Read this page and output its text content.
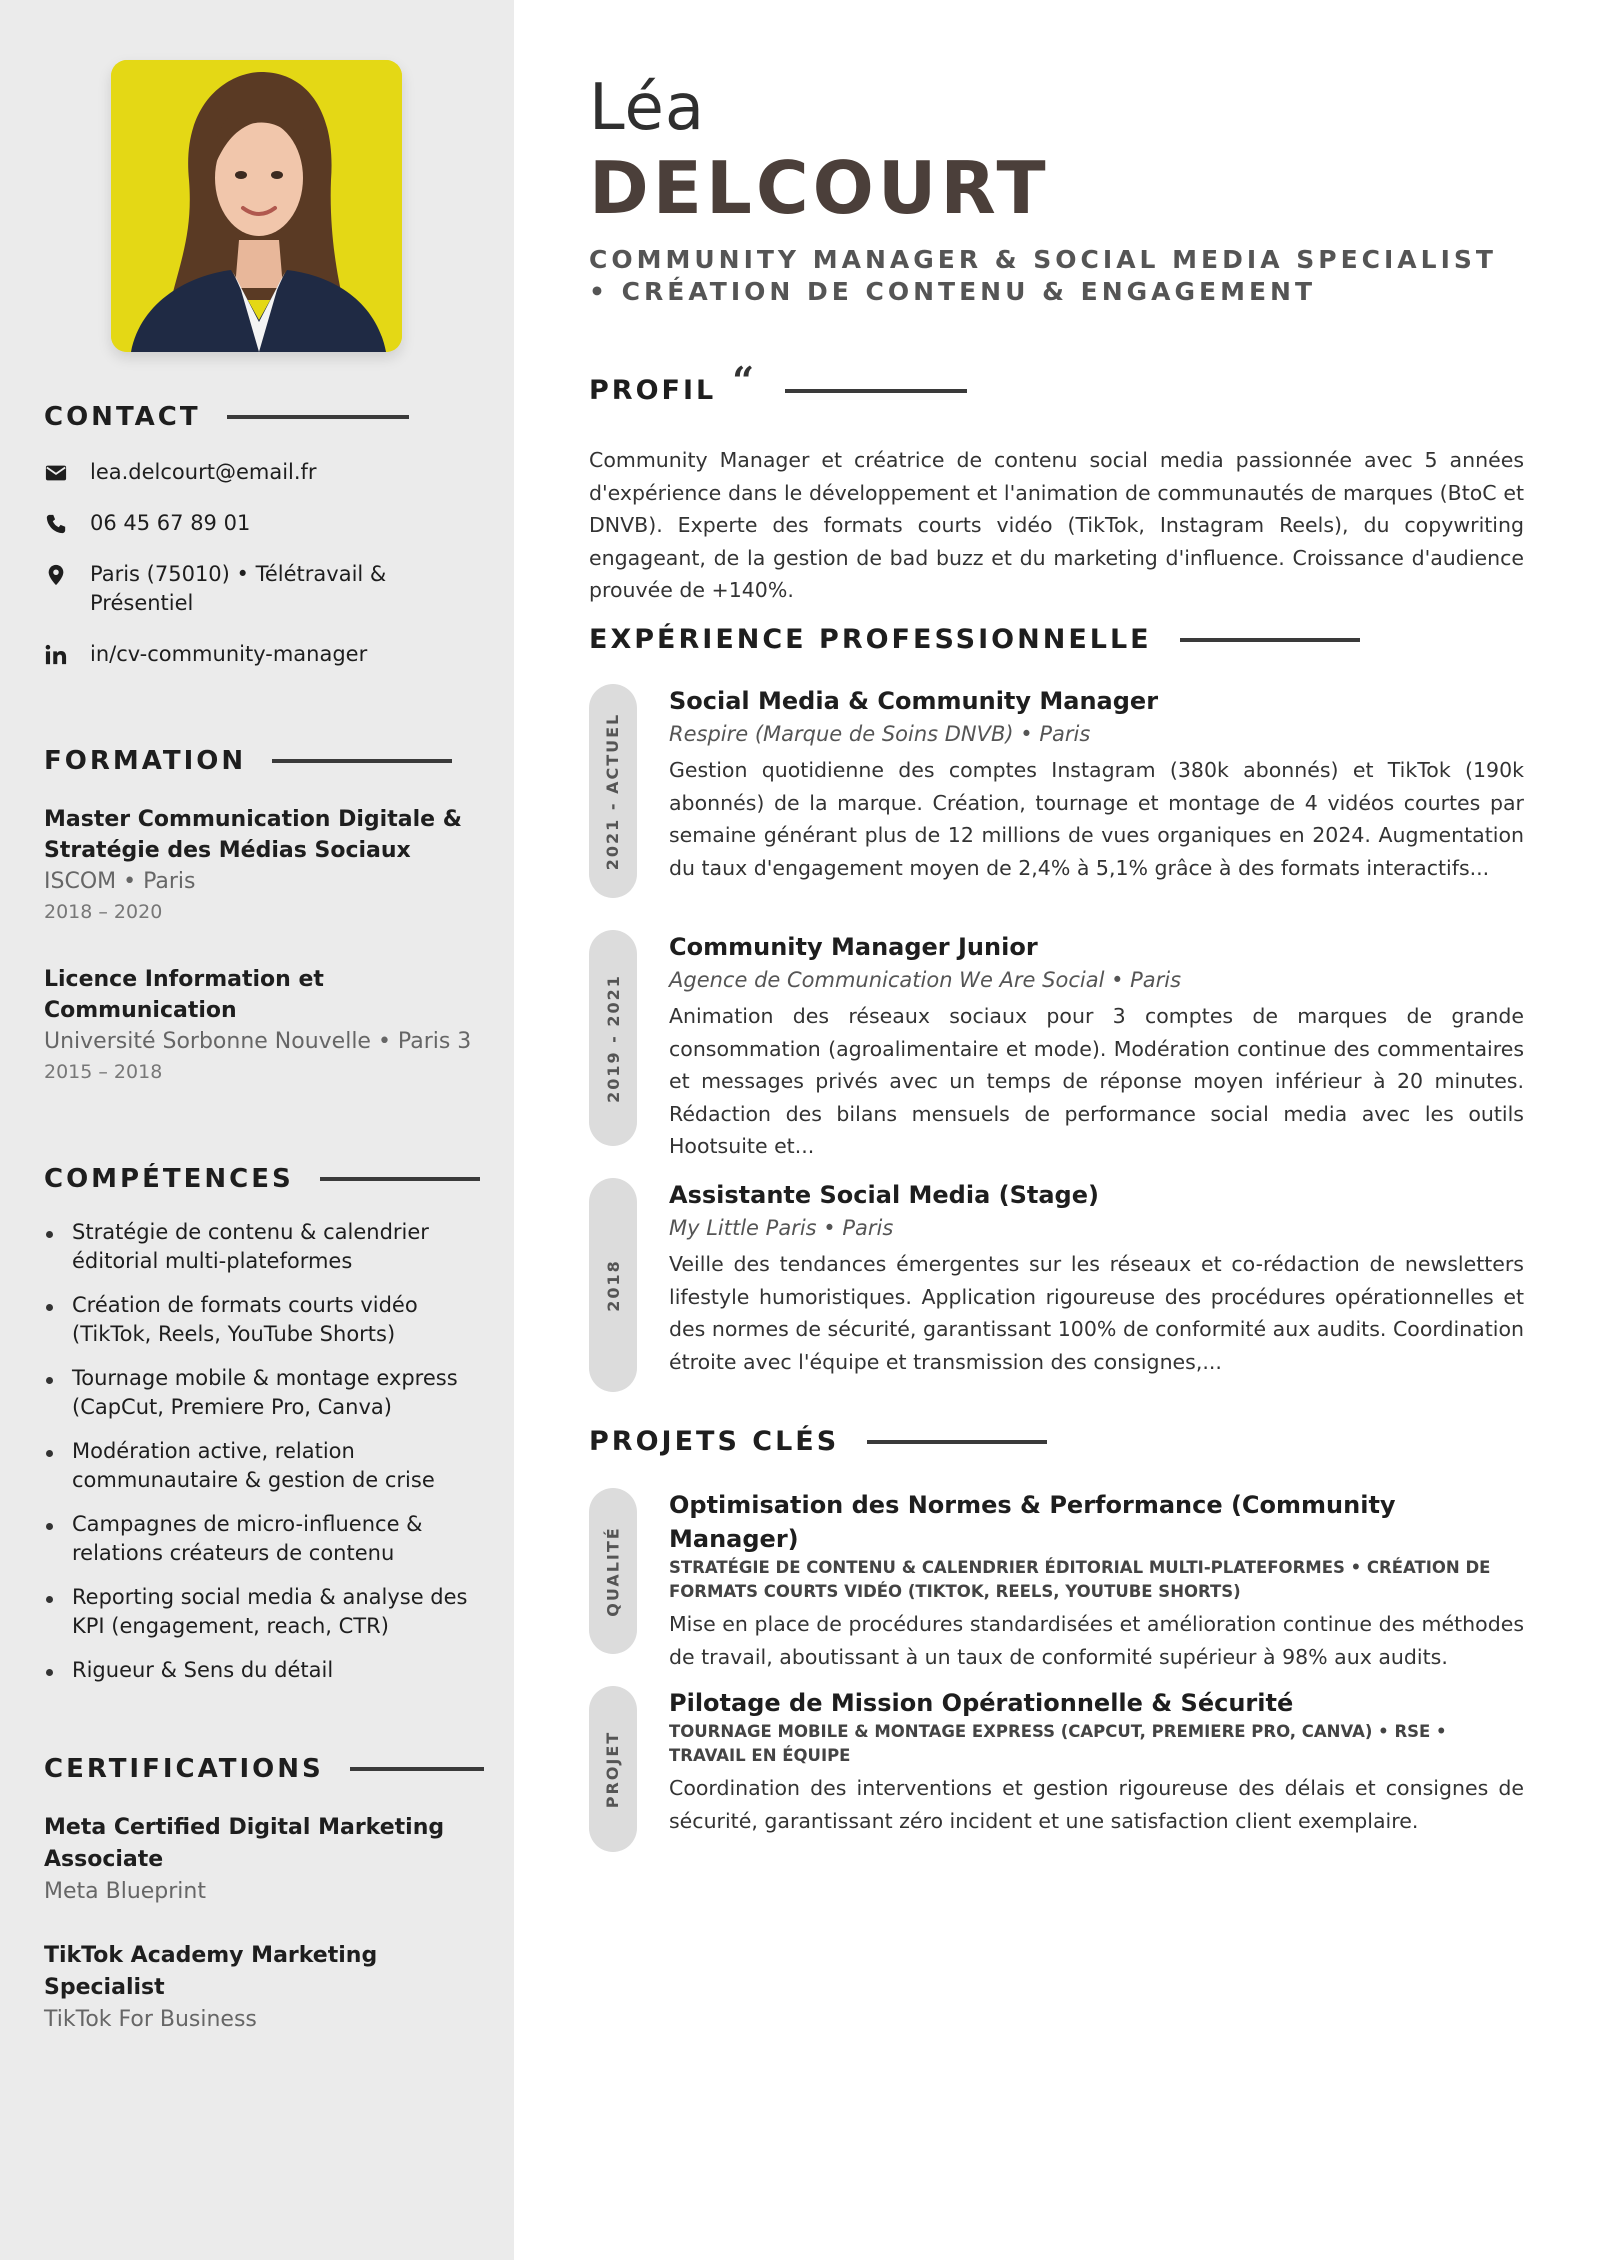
CONTACT
lea.delcourt@email.fr
06 45 67 89 01
Paris (75010) • Télétravail & Présentiel
in/cv-community-manager
FORMATION
Master Communication Digitale & Stratégie des Médias Sociaux
ISCOM • Paris
2018 – 2020
Licence Information et Communication
Université Sorbonne Nouvelle • Paris 3
2015 – 2018
COMPÉTENCES
Stratégie de contenu & calendrier éditorial multi-plateformes
Création de formats courts vidéo (TikTok, Reels, YouTube Shorts)
Tournage mobile & montage express (CapCut, Premiere Pro, Canva)
Modération active, relation communautaire & gestion de crise
Campagnes de micro-influence & relations créateurs de contenu
Reporting social media & analyse des KPI (engagement, reach, CTR)
Rigueur & Sens du détail
CERTIFICATIONS
Meta Certified Digital Marketing Associate
Meta Blueprint
TikTok Academy Marketing Specialist
TikTok For Business
Léa
DELCOURT
COMMUNITY MANAGER & SOCIAL MEDIA SPECIALIST • CRÉATION DE CONTENU & ENGAGEMENT
PROFIL “

Community Manager et créatrice de contenu social media passionnée avec 5 années d'expérience dans le développement et l'animation de communautés de marques (BtoC et DNVB). Experte des formats courts vidéo (TikTok, Instagram Reels), du copywriting engageant, de la gestion de bad buzz et du marketing d'influence. Croissance d'audience prouvée de +140%.

EXPÉRIENCE PROFESSIONNELLE
2021 - ACTUEL
Social Media & Community Manager
Respire (Marque de Soins DNVB) • Paris
Gestion quotidienne des comptes Instagram (380k abonnés) et TikTok (190k abonnés) de la marque. Création, tournage et montage de 4 vidéos courtes par semaine générant plus de 12 millions de vues organiques en 2024. Augmentation du taux d'engagement moyen de 2,4% à 5,1% grâce à des formats interactifs...
2019 - 2021
Community Manager Junior
Agence de Communication We Are Social • Paris
Animation des réseaux sociaux pour 3 comptes de marques de grande consommation (agroalimentaire et mode). Modération continue des commentaires et messages privés avec un temps de réponse moyen inférieur à 20 minutes. Rédaction des bilans mensuels de performance social media avec les outils Hootsuite et...
2018
Assistante Social Media (Stage)
My Little Paris • Paris
Veille des tendances émergentes sur les réseaux et co-rédaction de newsletters lifestyle humoristiques. Application rigoureuse des procédures opérationnelles et des normes de sécurité, garantissant 100% de conformité aux audits. Coordination étroite avec l'équipe et transmission des consignes,...
PROJETS CLÉS
QUALITÉ
Optimisation des Normes & Performance (Community Manager)
STRATÉGIE DE CONTENU & CALENDRIER ÉDITORIAL MULTI-PLATEFORMES • CRÉATION DE FORMATS COURTS VIDÉO (TIKTOK, REELS, YOUTUBE SHORTS)
Mise en place de procédures standardisées et amélioration continue des méthodes de travail, aboutissant à un taux de conformité supérieur à 98% aux audits.
PROJET
Pilotage de Mission Opérationnelle & Sécurité
TOURNAGE MOBILE & MONTAGE EXPRESS (CAPCUT, PREMIERE PRO, CANVA) • RSE • TRAVAIL EN ÉQUIPE
Coordination des interventions et gestion rigoureuse des délais et consignes de sécurité, garantissant zéro incident et une satisfaction client exemplaire.
